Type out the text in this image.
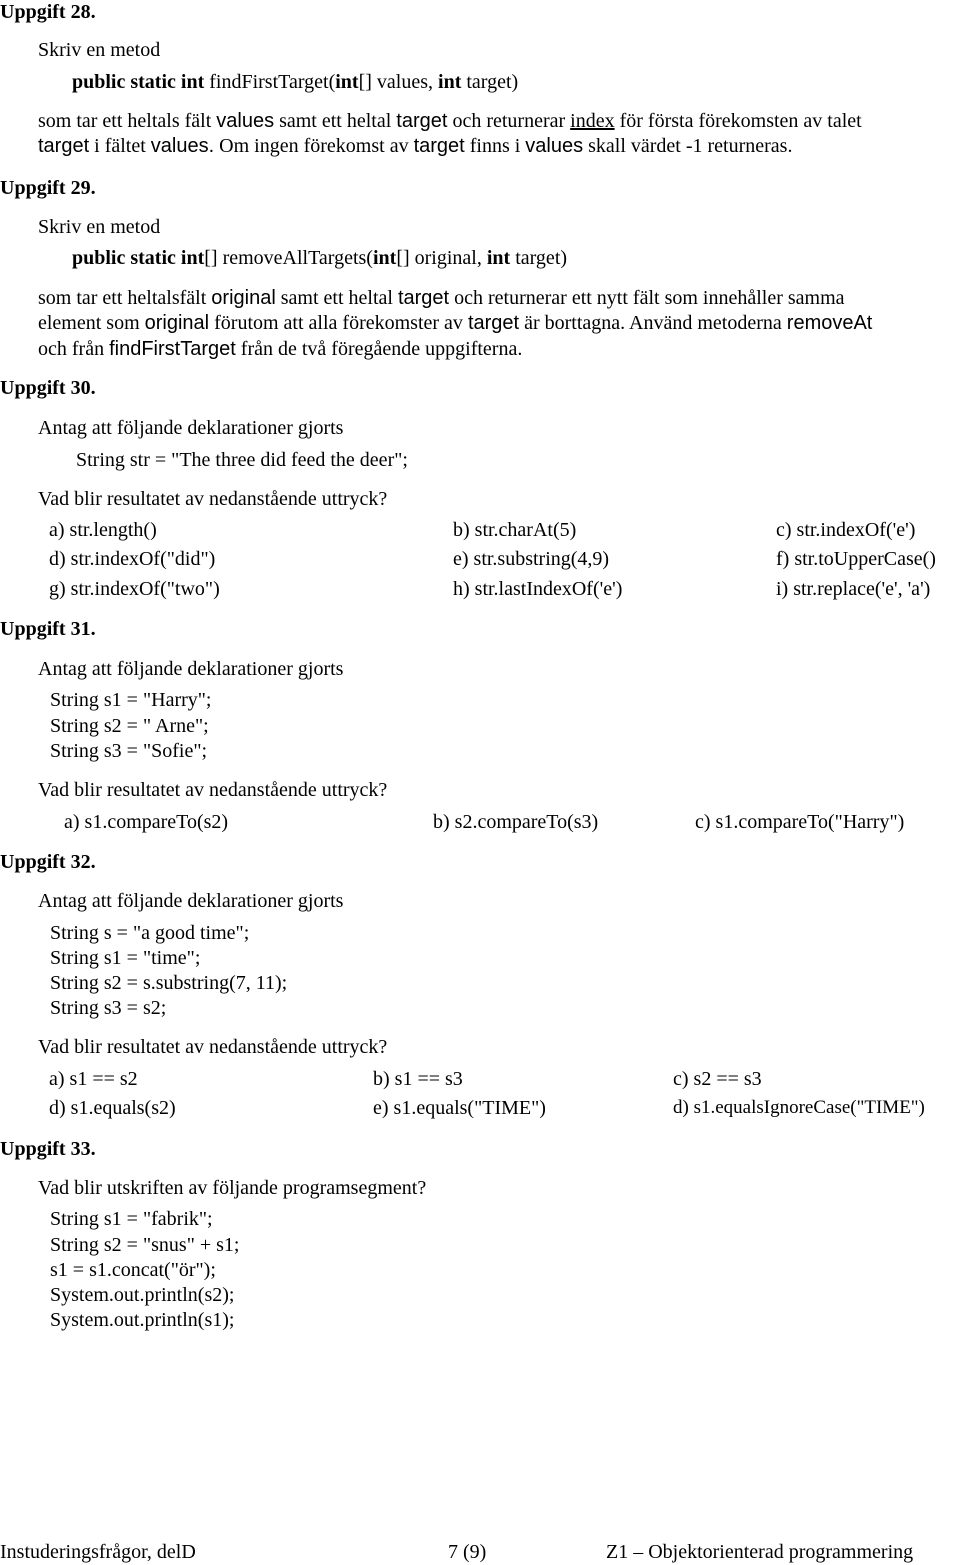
Uppgift 28.
Skriv en metod
public static int findFirstTarget(int[] values, int target)
som tar ett heltals fält values samt ett heltal target och returnerar index för första förekomsten av talet
target i fältet values. Om ingen förekomst av target finns i values skall värdet -1 returneras.
Uppgift 29.
Skriv en metod
public static int[] removeAllTargets(int[] original, int target)
som tar ett heltalsfält original samt ett heltal target och returnerar ett nytt fält som innehåller samma
element som original förutom att alla förekomster av target är borttagna. Använd metoderna removeAt
och från findFirstTarget från de två föregående uppgifterna.
Uppgift 30.
Antag att följande deklarationer gjorts
String str = "The three did feed the deer";
Vad blir resultatet av nedanstående uttryck?
a) str.length()	b) str.charAt(5)	c) str.indexOf('e')
d) str.indexOf("did")	e) str.substring(4,9)	f) str.toUpperCase()
g) str.indexOf("two")	h) str.lastIndexOf('e')	i) str.replace('e', 'a')
Uppgift 31.
Antag att följande deklarationer gjorts
String s1 = "Harry";
String s2 = " Arne";
String s3 = "Sofie";
Vad blir resultatet av nedanstående uttryck?
a) s1.compareTo(s2)	b) s2.compareTo(s3)	c) s1.compareTo("Harry")
Uppgift 32.
Antag att följande deklarationer gjorts
String s = "a good time";
String s1 = "time";
String s2 = s.substring(7, 11);
String s3 = s2;
Vad blir resultatet av nedanstående uttryck?
a) s1 == s2	b) s1 == s3	c) s2 == s3
d) s1.equals(s2)	e) s1.equals("TIME")	d) s1.equalsIgnoreCase("TIME")
Uppgift 33.
Vad blir utskriften av följande programsegment?
String s1 = "fabrik";
String s2 = "snus" + s1;
s1 = s1.concat("ör");
System.out.println(s2);
System.out.println(s1);
Instuderingsfrågor, delD	7 (9)	Z1 – Objektorienterad programmering
